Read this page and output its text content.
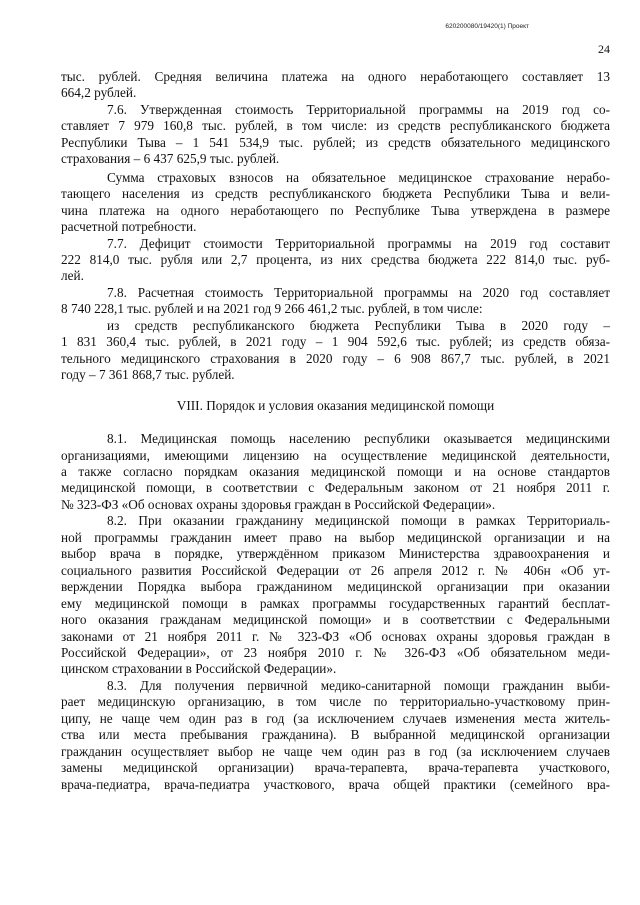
620200080/19420(1) Проект
24
тыс. рублей. Средняя величина платежа на одного неработающего составляет 13
664,2 рублей.
7.6. Утвержденная стоимость Территориальной программы на 2019 год со-
ставляет 7 979 160,8 тыс. рублей, в том числе: из средств республиканского бюджета
Республики Тыва – 1 541 534,9 тыс. рублей; из средств обязательного медицинского
страхования – 6 437 625,9 тыс. рублей.
Сумма страховых взносов на обязательное медицинское страхование нерабо-
тающего населения из средств республиканского бюджета Республики Тыва и вели-
чина платежа на одного неработающего по Республике Тыва утверждена в размере
расчетной потребности.
7.7. Дефицит стоимости Территориальной программы на 2019 год составит
222 814,0 тыс. рубля или 2,7 процента, из них средства бюджета 222 814,0 тыс. руб-
лей.
7.8. Расчетная стоимость Территориальной программы на 2020 год составляет
8 740 228,1 тыс. рублей и на 2021 год 9 266 461,2 тыс. рублей, в том числе:
из средств республиканского бюджета Республики Тыва в 2020 году –
1 831 360,4 тыс. рублей, в 2021 году – 1 904 592,6 тыс. рублей; из средств обяза-
тельного медицинского страхования в 2020 году – 6 908 867,7 тыс. рублей, в 2021
году – 7 361 868,7 тыс. рублей.
VIII. Порядок и условия оказания медицинской помощи
8.1. Медицинская помощь населению республики оказывается медицинскими
организациями, имеющими лицензию на осуществление медицинской деятельности,
а также согласно порядкам оказания медицинской помощи и на основе стандартов
медицинской помощи, в соответствии с Федеральным законом от 21 ноября 2011 г.
№ 323-ФЗ «Об основах охраны здоровья граждан в Российской Федерации».
8.2. При оказании гражданину медицинской помощи в рамках Территориаль-
ной программы гражданин имеет право на выбор медицинской организации и на
выбор врача в порядке, утверждённом приказом Министерства здравоохранения и
социального развития Российской Федерации от 26 апреля 2012 г. № 406н «Об ут-
верждении Порядка выбора гражданином медицинской организации при оказании
ему медицинской помощи в рамках программы государственных гарантий бесплат-
ного оказания гражданам медицинской помощи» и в соответствии с Федеральными
законами от 21 ноября 2011 г. № 323-ФЗ «Об основах охраны здоровья граждан в
Российской Федерации», от 23 ноября 2010 г. № 326-ФЗ «Об обязательном меди-
цинском страховании в Российской Федерации».
8.3. Для получения первичной медико-санитарной помощи гражданин выби-
рает медицинскую организацию, в том числе по территориально-участковому прин-
ципу, не чаще чем один раз в год (за исключением случаев изменения места житель-
ства или места пребывания гражданина). В выбранной медицинской организации
гражданин осуществляет выбор не чаще чем один раз в год (за исключением случаев
замены медицинской организации) врача-терапевта, врача-терапевта участкового,
врача-педиатра, врача-педиатра участкового, врача общей практики (семейного вра-
